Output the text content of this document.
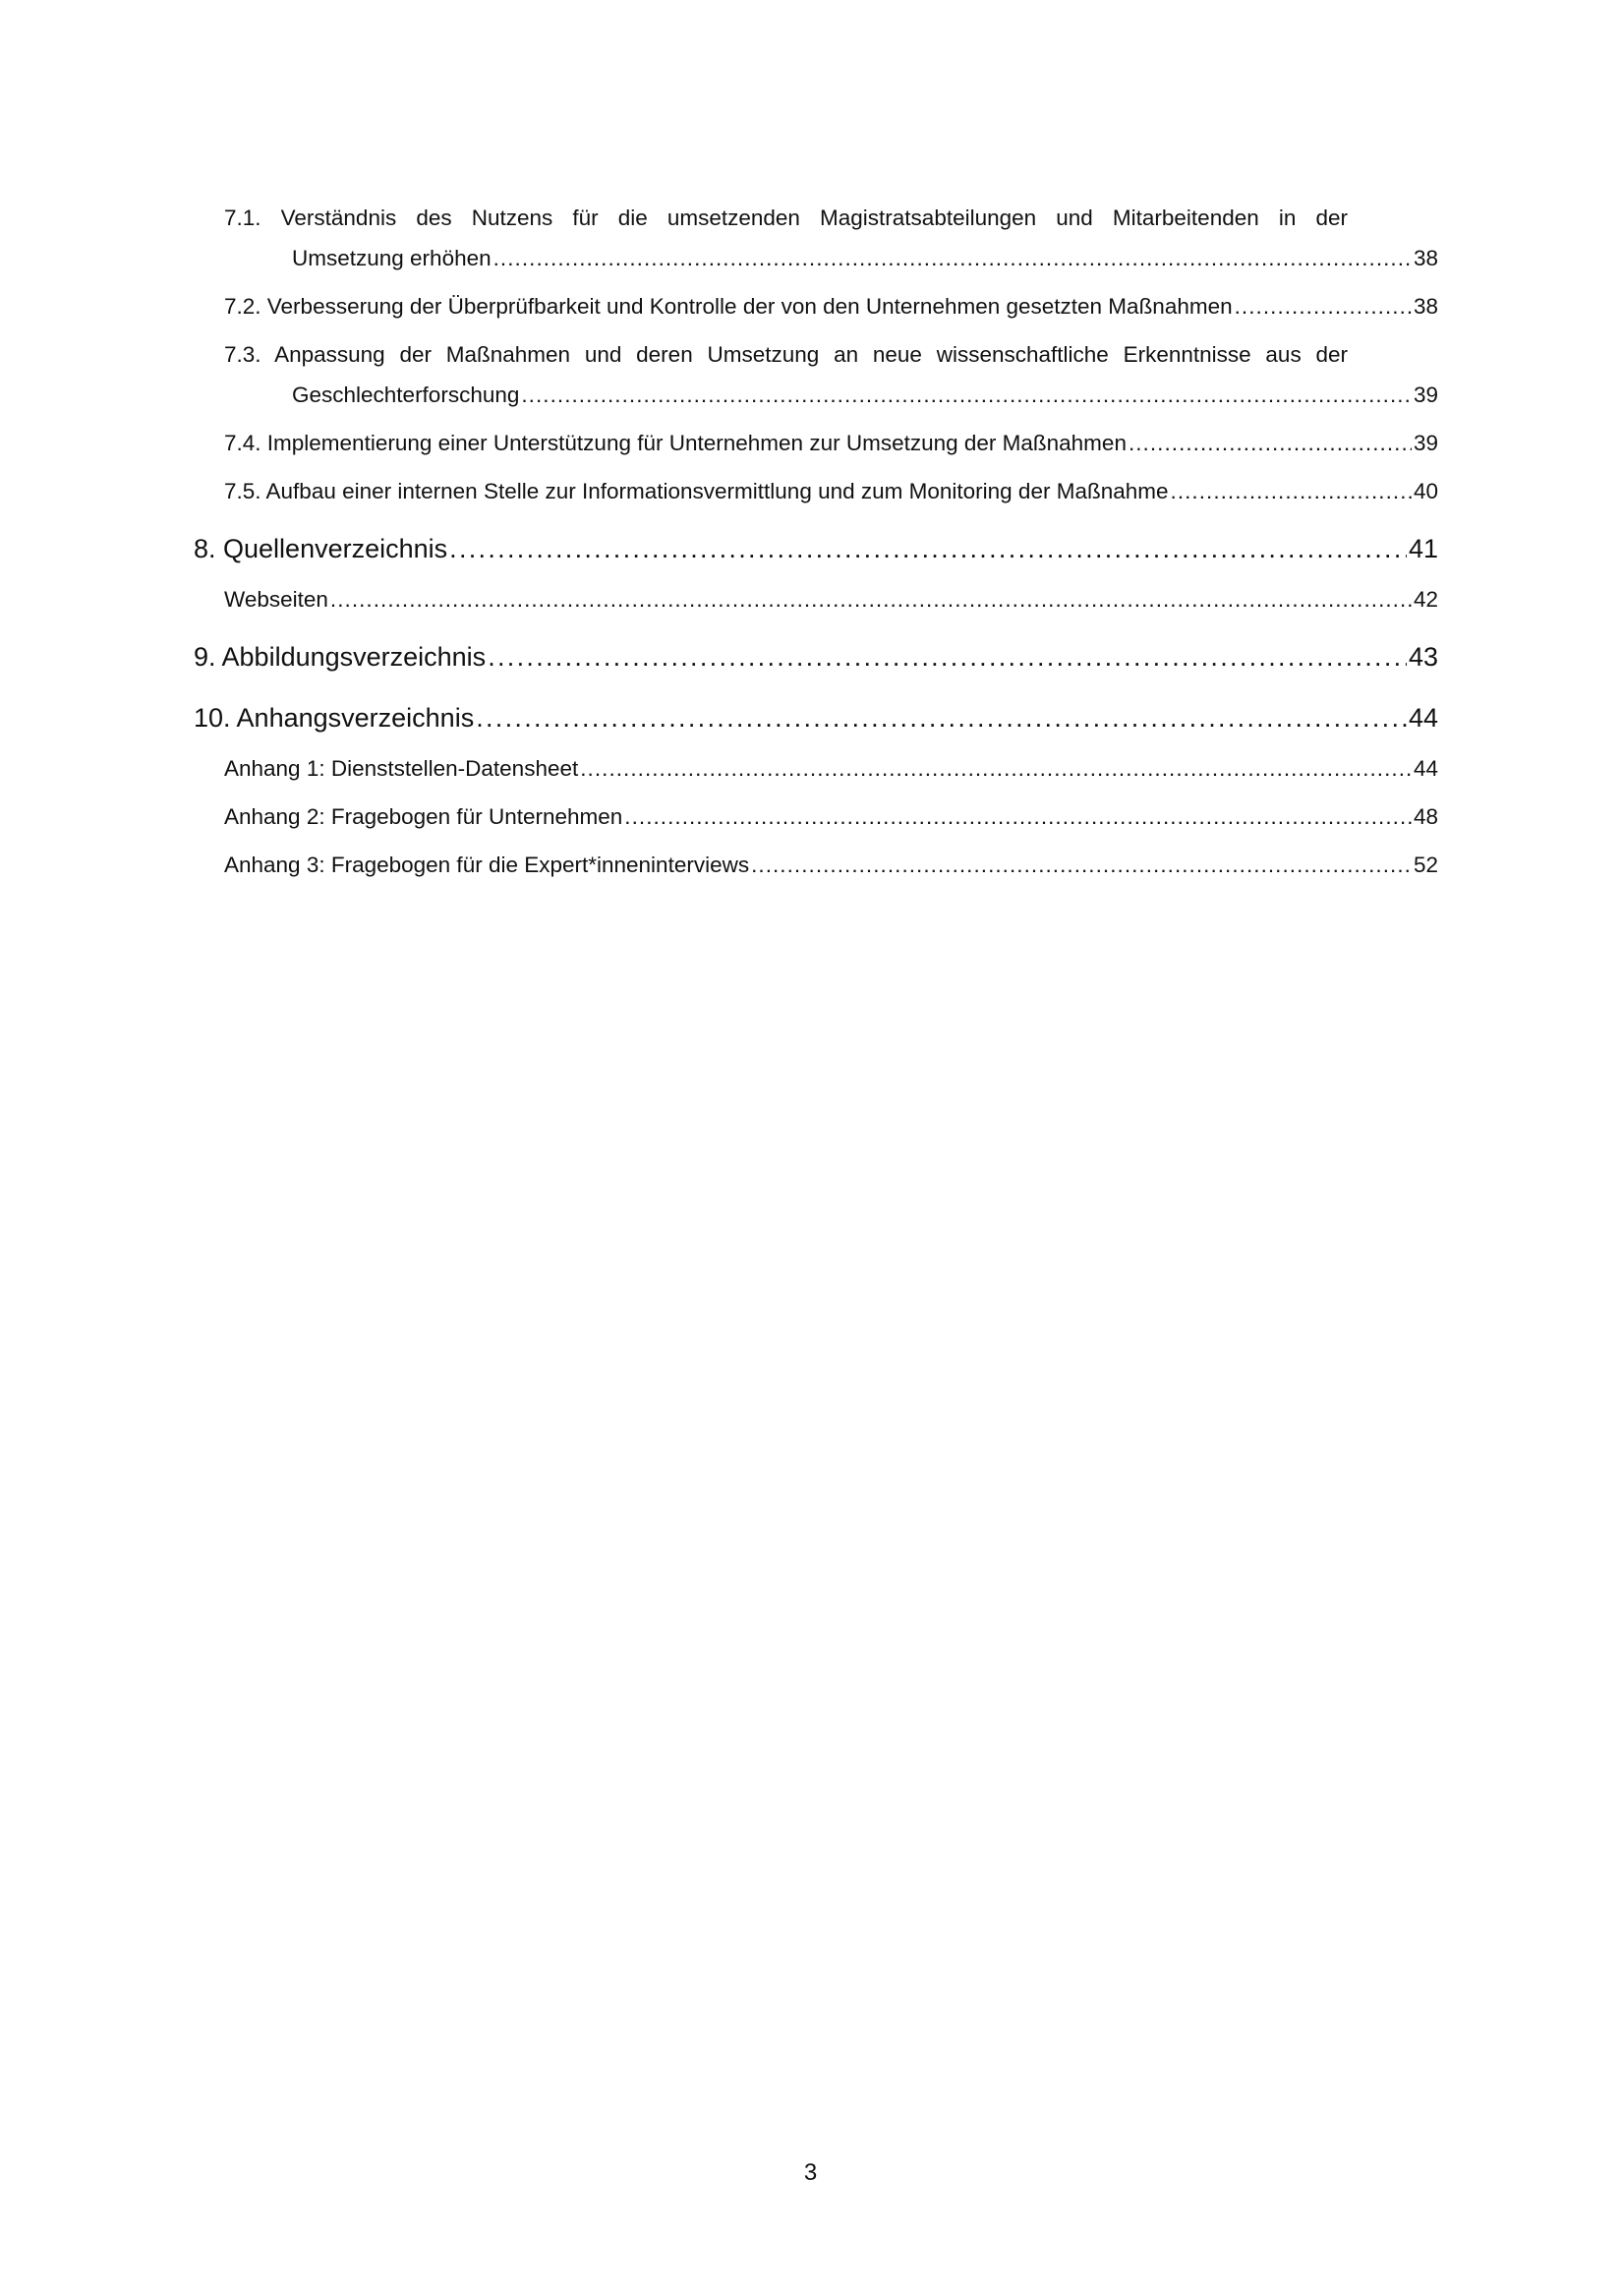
7.1. Verständnis des Nutzens für die umsetzenden Magistratsabteilungen und Mitarbeitenden in der
Umsetzung erhöhen . . .	38
7.2. Verbesserung der Überprüfbarkeit und Kontrolle der von den Unternehmen gesetzten Maßnahmen . . .	38
7.3. Anpassung der Maßnahmen und deren Umsetzung an neue wissenschaftliche Erkenntnisse aus der
Geschlechterforschung . . .	39
7.4. Implementierung einer Unterstützung für Unternehmen zur Umsetzung der Maßnahmen . . .	39
7.5. Aufbau einer internen Stelle zur Informationsvermittlung und zum Monitoring der Maßnahme . . .	40
8. Quellenverzeichnis . . .	41
Webseiten . . .	42
9. Abbildungsverzeichnis . . .	43
10. Anhangsverzeichnis . . .	44
Anhang 1: Dienststellen-Datensheet . . .	44
Anhang 2: Fragebogen für Unternehmen . . .	48
Anhang 3: Fragebogen für die Expert*inneninterviews . . .	52
3
